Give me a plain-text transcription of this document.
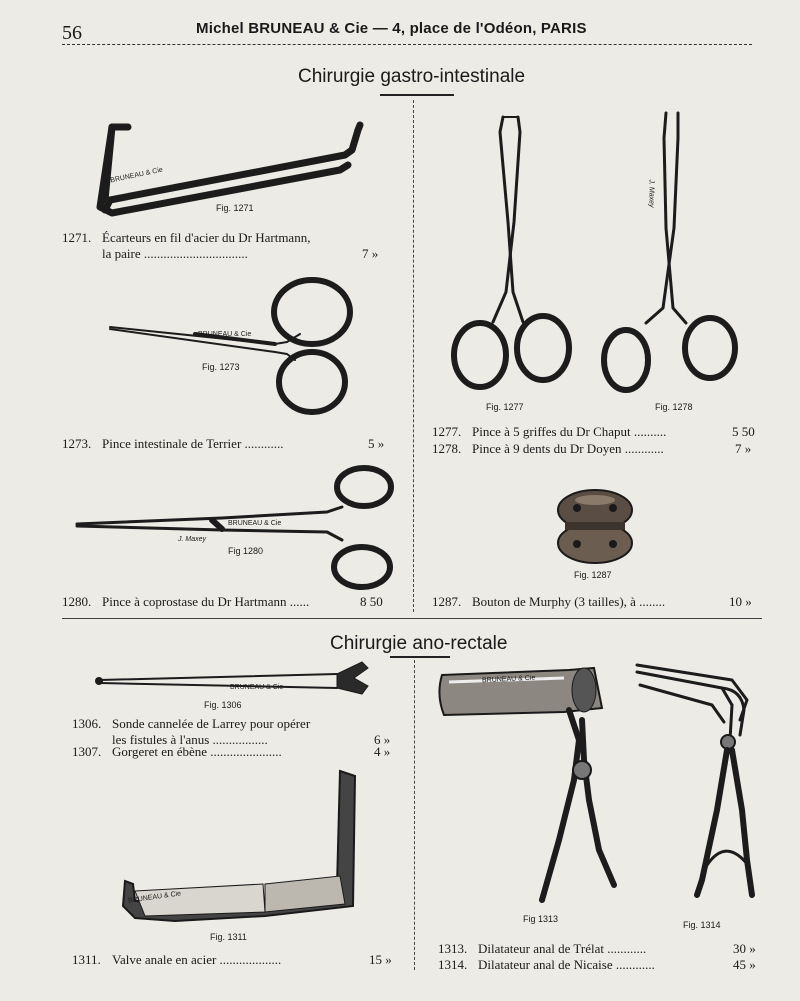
56	Michel BRUNEAU & Cie — 4, place de l'Odéon, PARIS
Chirurgie gastro-intestinale
BRUNEAU & Cie
Fig. 1271
1271. Écarteurs en fil d'acier du Dr Hartmann,
la paire ................................	7 »
BRUNEAU & Cie
Fig. 1273
1273. Pince intestinale de Terrier ............	5 »
BRUNEAU & Cie
J. Maxey
Fig 1280
1280. Pince à coprostase du Dr Hartmann ......	8 50
Fig. 1277
J. Maxey
Fig. 1278
1277. Pince à 5 griffes du Dr Chaput ..........	5 50
1278. Pince à 9 dents du Dr Doyen ............	7 »
Fig. 1287
1287. Bouton de Murphy (3 tailles), à ........	10 »
Chirurgie ano-rectale
BRUNEAU & Cie
Fig. 1306
1306. Sonde cannelée de Larrey pour opérer
les fistules à l'anus .................	6 »
1307. Gorgeret en ébène ......................	4 »
BRUNEAU & Cie
Fig. 1311
1311. Valve anale en acier ...................	15 »
BRUNEAU & Cie
Fig 1313
Fig. 1314
1313. Dilatateur anal de Trélat ............	30 »
1314. Dilatateur anal de Nicaise ............	45 »
